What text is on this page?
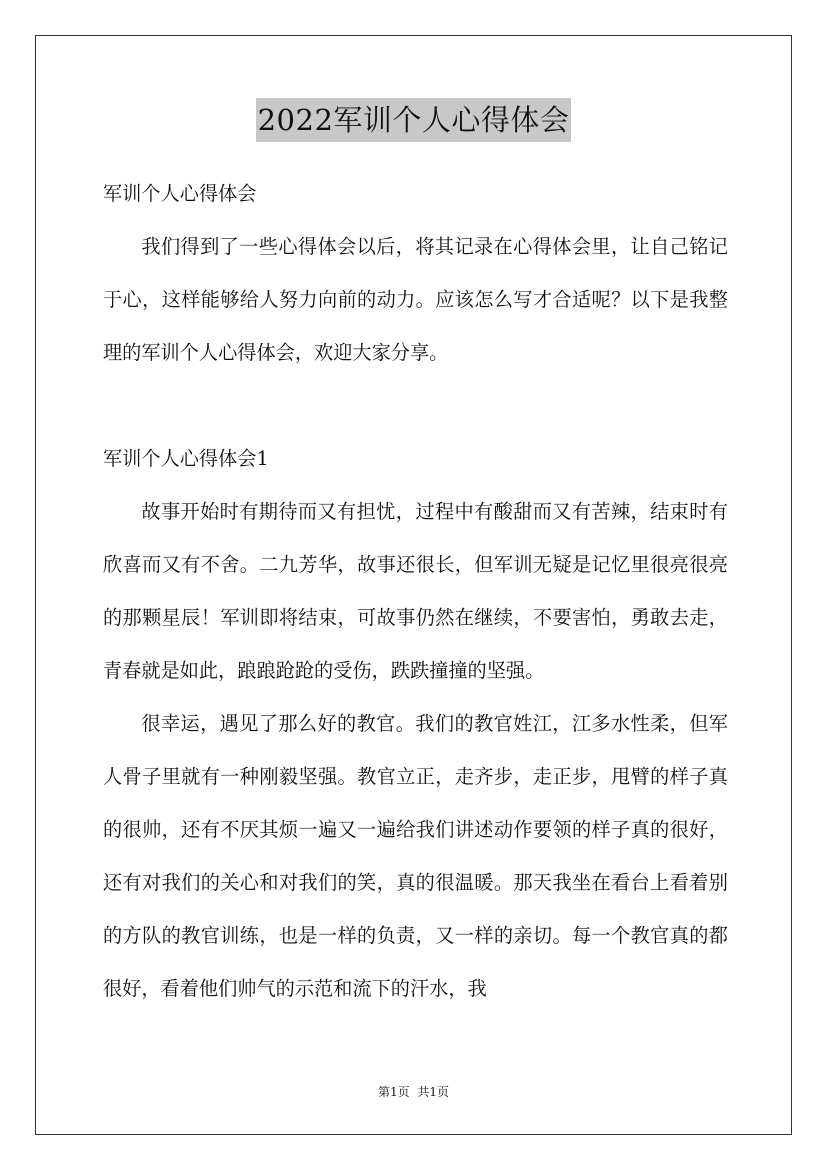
2022军训个人心得体会

军训个人心得体会

我们得到了一些心得体会以后，将其记录在心得体会里，让自己铭记于心，这样能够给人努力向前的动力。应该怎么写才合适呢？以下是我整理的军训个人心得体会，欢迎大家分享。

军训个人心得体会1

故事开始时有期待而又有担忧，过程中有酸甜而又有苦辣，结束时有欣喜而又有不舍。二九芳华，故事还很长，但军训无疑是记忆里很亮很亮的那颗星辰！军训即将结束，可故事仍然在继续，不要害怕，勇敢去走，青春就是如此，踉踉跄跄的受伤，跌跌撞撞的坚强。

很幸运，遇见了那么好的教官。我们的教官姓江，江多水性柔，但军人骨子里就有一种刚毅坚强。教官立正，走齐步，走正步，甩臂的样子真的很帅，还有不厌其烦一遍又一遍给我们讲述动作要领的样子真的很好，还有对我们的关心和对我们的笑，真的很温暖。那天我坐在看台上看着别的方队的教官训练，也是一样的负责，又一样的亲切。每一个教官真的都很好，看着他们帅气的示范和流下的汗水，我

第1页 共1页
